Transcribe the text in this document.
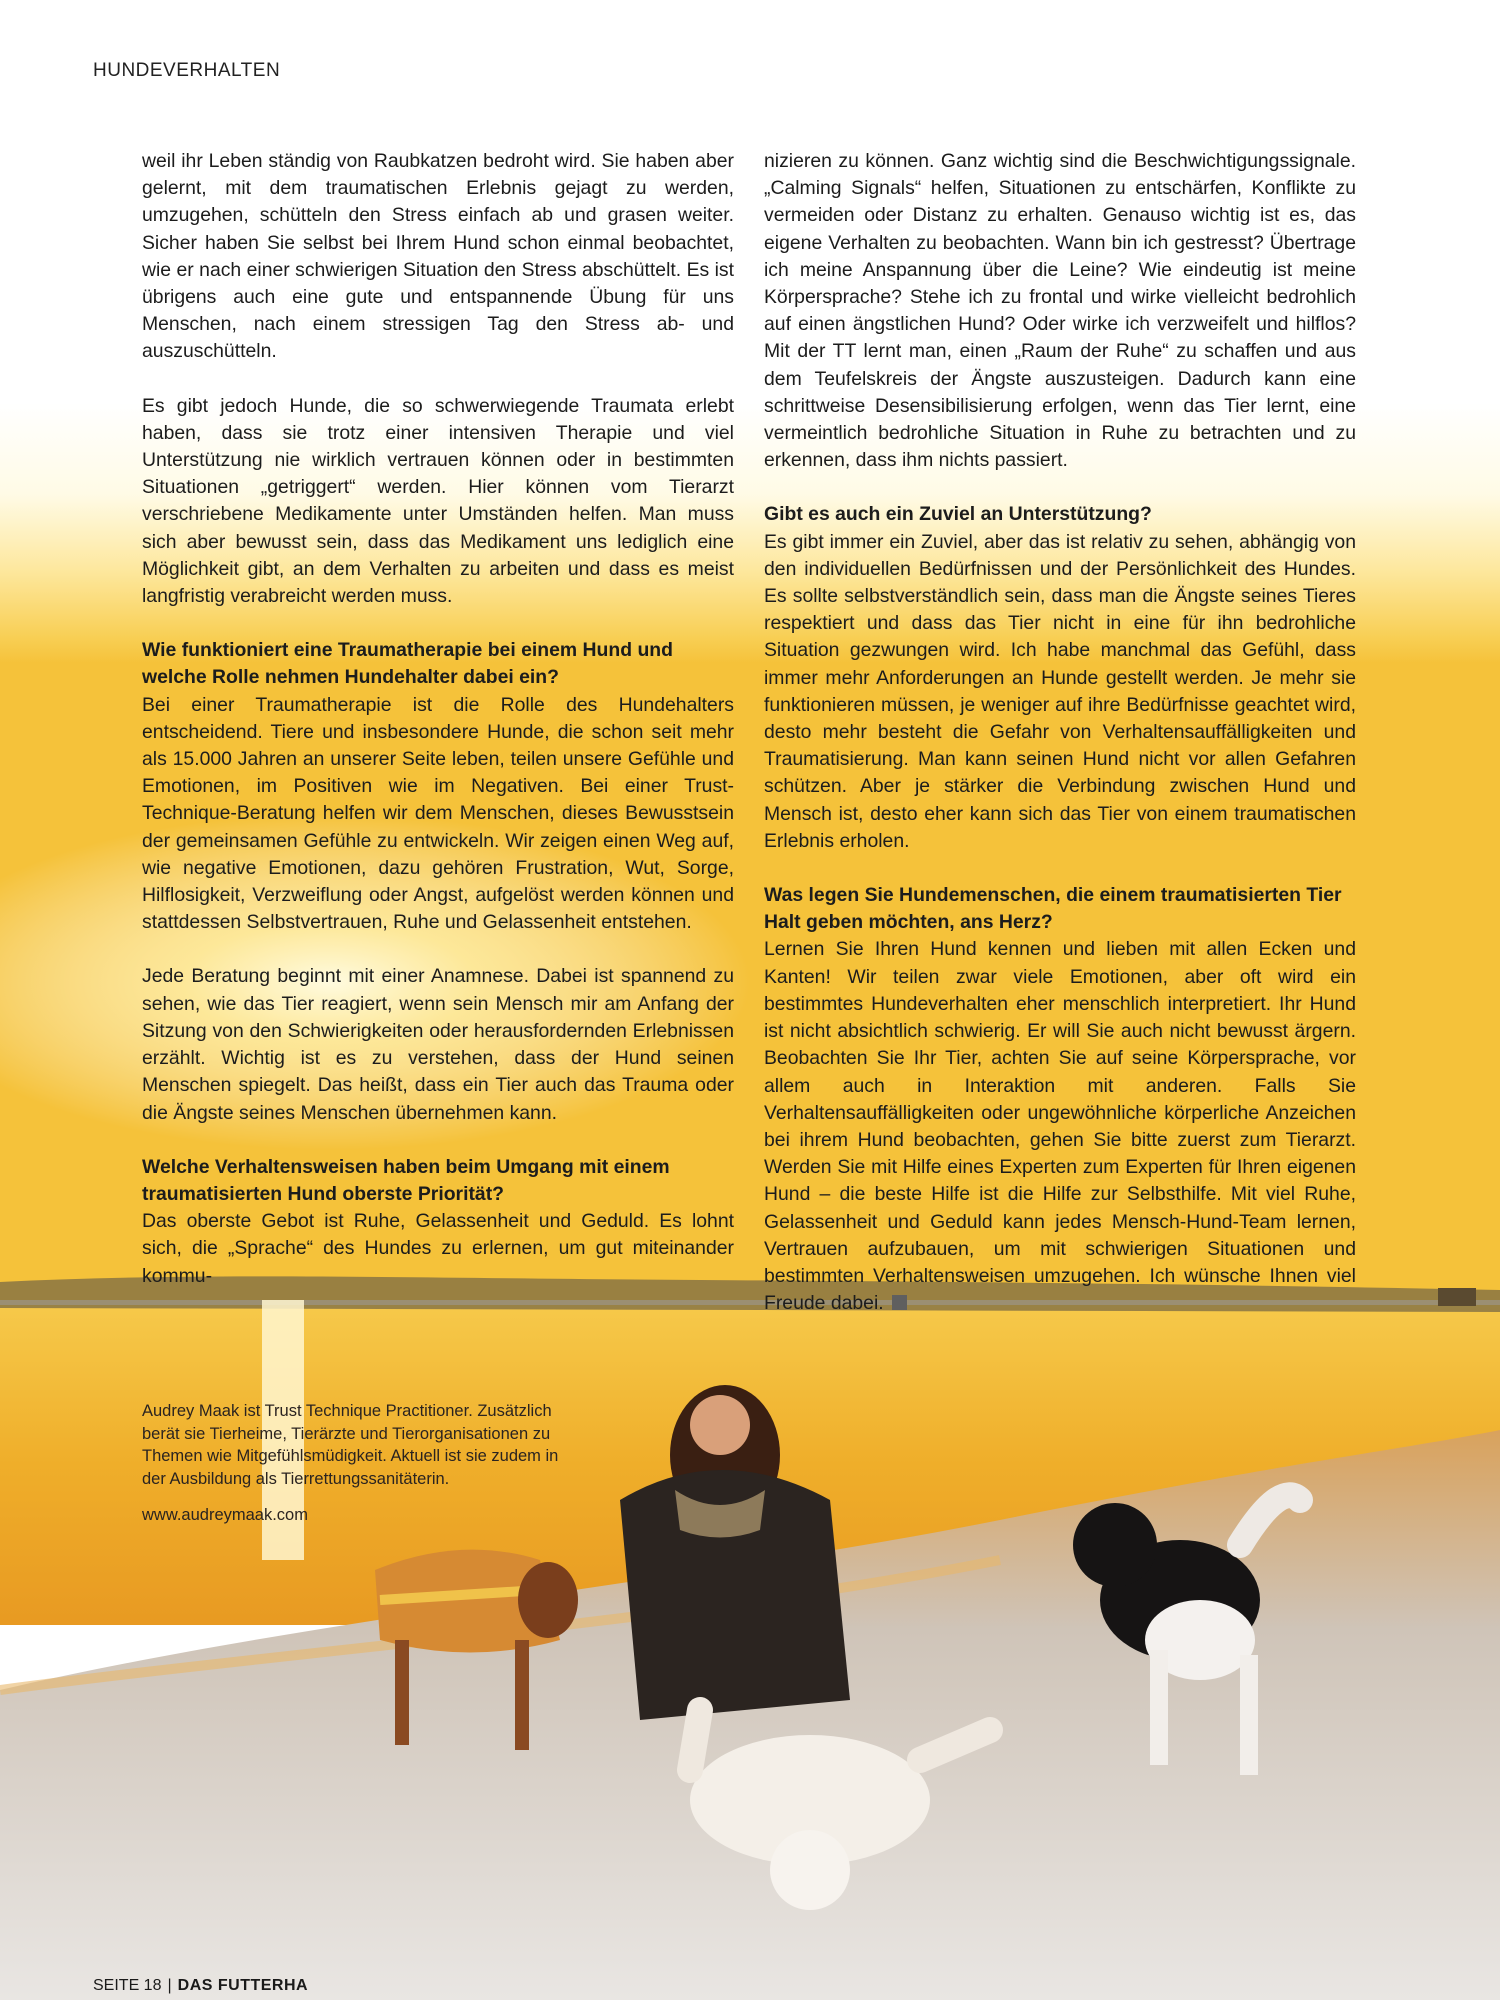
HUNDEVERHALTEN

weil ihr Leben ständig von Raubkatzen bedroht wird. Sie haben aber gelernt, mit dem traumatischen Erlebnis gejagt zu werden, umzugehen, schütteln den Stress einfach ab und grasen weiter. Sicher haben Sie selbst bei Ihrem Hund schon einmal beobachtet, wie er nach einer schwierigen Situation den Stress abschüttelt. Es ist übrigens auch eine gute und entspannende Übung für uns Menschen, nach einem stressigen Tag den Stress ab- und auszuschütteln.

Es gibt jedoch Hunde, die so schwerwiegende Traumata erlebt haben, dass sie trotz einer intensiven Therapie und viel Unterstützung nie wirklich vertrauen können oder in bestimmten Situationen „getriggert“ werden. Hier können vom Tierarzt verschriebene Medikamente unter Umständen helfen. Man muss sich aber bewusst sein, dass das Medikament uns lediglich eine Möglichkeit gibt, an dem Verhalten zu arbeiten und dass es meist langfristig verabreicht werden muss.

Wie funktioniert eine Traumatherapie bei einem Hund und welche Rolle nehmen Hundehalter dabei ein?

Bei einer Traumatherapie ist die Rolle des Hundehalters entscheidend. Tiere und insbesondere Hunde, die schon seit mehr als 15.000 Jahren an unserer Seite leben, teilen unsere Gefühle und Emotionen, im Positiven wie im Negativen. Bei einer Trust-Technique-Beratung helfen wir dem Menschen, dieses Bewusstsein der gemeinsamen Gefühle zu entwickeln. Wir zeigen einen Weg auf, wie negative Emotionen, dazu gehören Frustration, Wut, Sorge, Hilflosigkeit, Verzweiflung oder Angst, aufgelöst werden können und stattdessen Selbstvertrauen, Ruhe und Gelassenheit entstehen.

Jede Beratung beginnt mit einer Anamnese. Dabei ist spannend zu sehen, wie das Tier reagiert, wenn sein Mensch mir am Anfang der Sitzung von den Schwierigkeiten oder herausfordernden Erlebnissen erzählt. Wichtig ist es zu verstehen, dass der Hund seinen Menschen spiegelt. Das heißt, dass ein Tier auch das Trauma oder die Ängste seines Menschen übernehmen kann.

Welche Verhaltensweisen haben beim Umgang mit einem traumatisierten Hund oberste Priorität?

Das oberste Gebot ist Ruhe, Gelassenheit und Geduld. Es lohnt sich, die „Sprache“ des Hundes zu erlernen, um gut miteinander kommu-

nizieren zu können. Ganz wichtig sind die Beschwichtigungssignale. „Calming Signals“ helfen, Situationen zu entschärfen, Konflikte zu vermeiden oder Distanz zu erhalten. Genauso wichtig ist es, das eigene Verhalten zu beobachten. Wann bin ich gestresst? Übertrage ich meine Anspannung über die Leine? Wie eindeutig ist meine Körpersprache? Stehe ich zu frontal und wirke vielleicht bedrohlich auf einen ängstlichen Hund? Oder wirke ich verzweifelt und hilflos? Mit der TT lernt man, einen „Raum der Ruhe“ zu schaffen und aus dem Teufelskreis der Ängste auszusteigen. Dadurch kann eine schrittweise Desensibilisierung erfolgen, wenn das Tier lernt, eine vermeintlich bedrohliche Situation in Ruhe zu betrachten und zu erkennen, dass ihm nichts passiert.

Gibt es auch ein Zuviel an Unterstützung?

Es gibt immer ein Zuviel, aber das ist relativ zu sehen, abhängig von den individuellen Bedürfnissen und der Persönlichkeit des Hundes. Es sollte selbstverständlich sein, dass man die Ängste seines Tieres respektiert und dass das Tier nicht in eine für ihn bedrohliche Situation gezwungen wird. Ich habe manchmal das Gefühl, dass immer mehr Anforderungen an Hunde gestellt werden. Je mehr sie funktionieren müssen, je weniger auf ihre Bedürfnisse geachtet wird, desto mehr besteht die Gefahr von Verhaltensauffälligkeiten und Traumatisierung. Man kann seinen Hund nicht vor allen Gefahren schützen. Aber je stärker die Verbindung zwischen Hund und Mensch ist, desto eher kann sich das Tier von einem traumatischen Erlebnis erholen.

Was legen Sie Hundemenschen, die einem traumatisierten Tier Halt geben möchten, ans Herz?

Lernen Sie Ihren Hund kennen und lieben mit allen Ecken und Kanten! Wir teilen zwar viele Emotionen, aber oft wird ein bestimmtes Hundeverhalten eher menschlich interpretiert. Ihr Hund ist nicht absichtlich schwierig. Er will Sie auch nicht bewusst ärgern. Beobachten Sie Ihr Tier, achten Sie auf seine Körpersprache, vor allem auch in Interaktion mit anderen. Falls Sie Verhaltensauffälligkeiten oder ungewöhnliche körperliche Anzeichen bei ihrem Hund beobachten, gehen Sie bitte zuerst zum Tierarzt. Werden Sie mit Hilfe eines Experten zum Experten für Ihren eigenen Hund – die beste Hilfe ist die Hilfe zur Selbsthilfe. Mit viel Ruhe, Gelassenheit und Geduld kann jedes Mensch-Hund-Team lernen, Vertrauen aufzubauen, um mit schwierigen Situationen und bestimmten Verhaltensweisen umzugehen. Ich wünsche Ihnen viel Freude dabei.

Audrey Maak ist Trust Technique Practitioner. Zusätzlich berät sie Tierheime, Tierärzte und Tierorganisationen zu Themen wie Mitgefühlsmüdigkeit. Aktuell ist sie zudem in der Ausbildung als Tierrettungssanitäterin.
www.audreymaak.com
SEITE 18 | DAS FUTTERHA
